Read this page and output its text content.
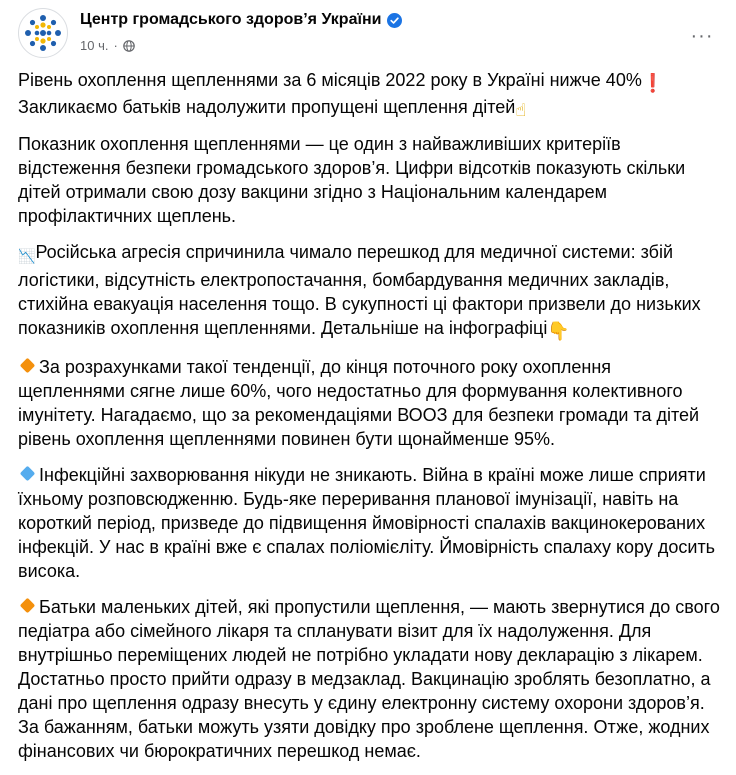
Центр громадського здоров’я України
10 ч. ·	···

Рівень охоплення щепленнями за 6 місяців 2022 року в Україні нижче 40%❗
Закликаємо батьків надолужити пропущені щеплення дітей☝

Показник охоплення щепленнями — це один з найважливіших критеріїв відстеження безпеки громадського здоров’я. Цифри відсотків показують скільки дітей отримали свою дозу вакцини згідно з Національним календарем профілактичних щеплень.

📉Російська агресія спричинила чимало перешкод для медичної системи: збій логістики, відсутність електропостачання, бомбардування медичних закладів, стихійна евакуація населення тощо. В сукупності ці фактори призвели до низьких показників охоплення щепленнями. Детальніше на інфографіці👇

За розрахунками такої тенденції, до кінця поточного року охоплення щепленнями сягне лише 60%, чого недостатньо для формування колективного імунітету. Нагадаємо, що за рекомендаціями ВООЗ для безпеки громади та дітей рівень охоплення щепленнями повинен бути щонайменше 95%.

Інфекційні захворювання нікуди не зникають. Війна в країні може лише сприяти їхньому розповсюдженню. Будь-яке переривання планової імунізації, навіть на короткий період, призведе до підвищення ймовірності спалахів вакцинокерованих інфекцій. У нас в країні вже є спалах поліомієліту. Ймовірність спалаху кору досить висока.

Батьки маленьких дітей, які пропустили щеплення, — мають звернутися до свого педіатра або сімейного лікаря та спланувати візит для їх надолуження. Для внутрішньо переміщених людей не потрібно укладати нову декларацію з лікарем. Достатньо просто прийти одразу в медзаклад. Вакцинацію зроблять безоплатно, а дані про щеплення одразу внесуть у єдину електронну систему охорони здоров’я. За бажанням, батьки можуть узяти довідку про зроблене щеплення. Отже, жодних фінансових чи бюрократичних перешкод немає.
